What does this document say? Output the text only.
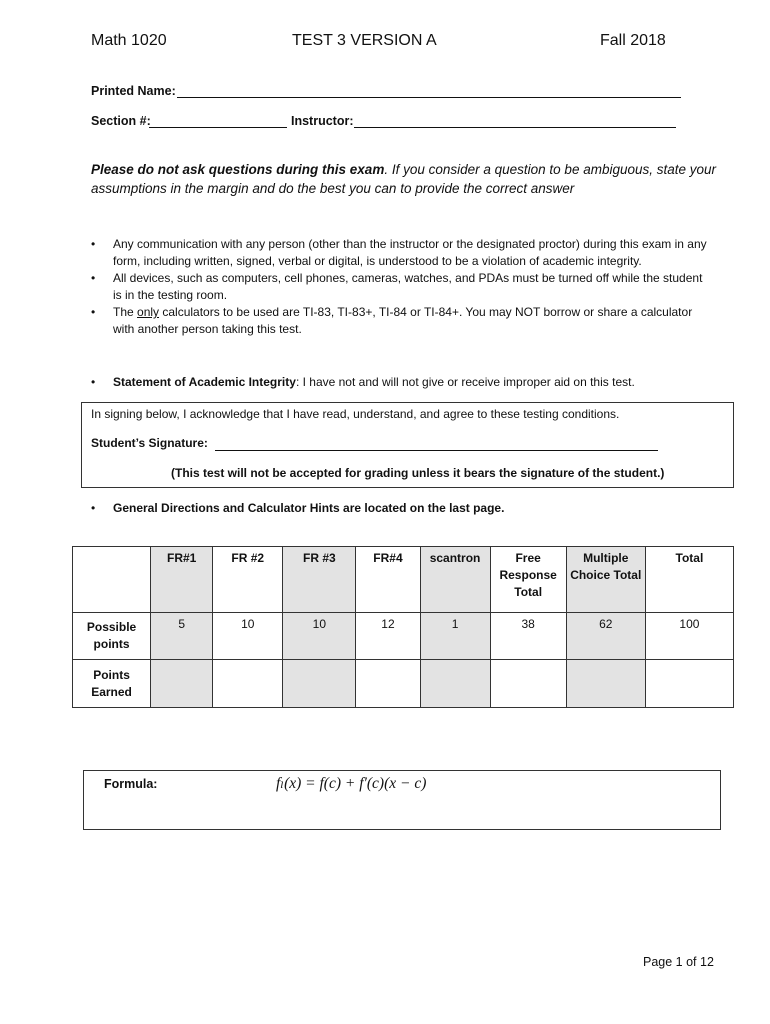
Math 1020	TEST 3 VERSION A	Fall 2018
Printed Name:
Section #:	Instructor:
Please do not ask questions during this exam. If you consider a question to be ambiguous, state your assumptions in the margin and do the best you can to provide the correct answer
• Any communication with any person (other than the instructor or the designated proctor) during this exam in any form, including written, signed, verbal or digital, is understood to be a violation of academic integrity.
• All devices, such as computers, cell phones, cameras, watches, and PDAs must be turned off while the student is in the testing room.
• The only calculators to be used are TI-83, TI-83+, TI-84 or TI-84+. You may NOT borrow or share a calculator with another person taking this test.
• Statement of Academic Integrity: I have not and will not give or receive improper aid on this test.
In signing below, I acknowledge that I have read, understand, and agree to these testing conditions.
Student’s Signature:
(This test will not be accepted for grading unless it bears the signature of the student.)
• General Directions and Calculator Hints are located on the last page.
	FR#1	FR #2	FR #3	FR#4	scantron	Free Response Total	Multiple Choice Total	Total
Possible points	5	10	10	12	1	38	62	100
Points Earned								
Formula:	fₗ(x) = f(c) + f′(c)(x − c)
Page 1 of 12
